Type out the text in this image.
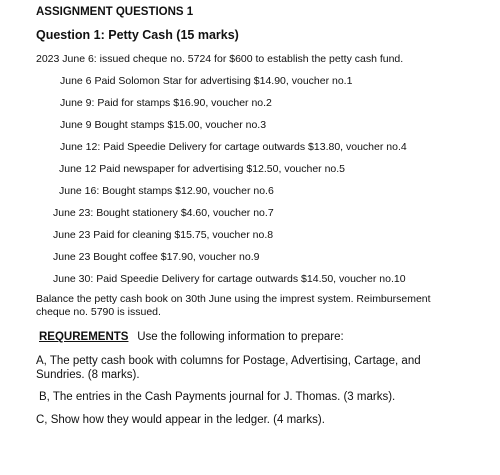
ASSIGNMENT QUESTIONS 1
Question 1: Petty Cash (15 marks)
2023 June 6: issued cheque no. 5724 for $600 to establish the petty cash fund.
June 6 Paid Solomon Star for advertising $14.90, voucher no.1
June 9: Paid for stamps $16.90, voucher no.2
June 9 Bought stamps $15.00, voucher no.3
June 12: Paid Speedie Delivery for cartage outwards $13.80, voucher no.4
June 12 Paid newspaper for advertising $12.50, voucher no.5
June 16: Bought stamps $12.90, voucher no.6
June 23: Bought stationery $4.60, voucher no.7
June 23 Paid for cleaning $15.75, voucher no.8
June 23 Bought coffee $17.90, voucher no.9
June 30: Paid Speedie Delivery for cartage outwards $14.50, voucher no.10
Balance the petty cash book on 30th June using the imprest system. Reimbursement cheque no. 5790 is issued.
REQUREMENTS Use the following information to prepare:
A, The petty cash book with columns for Postage, Advertising, Cartage, and Sundries. (8 marks).
B, The entries in the Cash Payments journal for J. Thomas. (3 marks).
C, Show how they would appear in the ledger. (4 marks).
